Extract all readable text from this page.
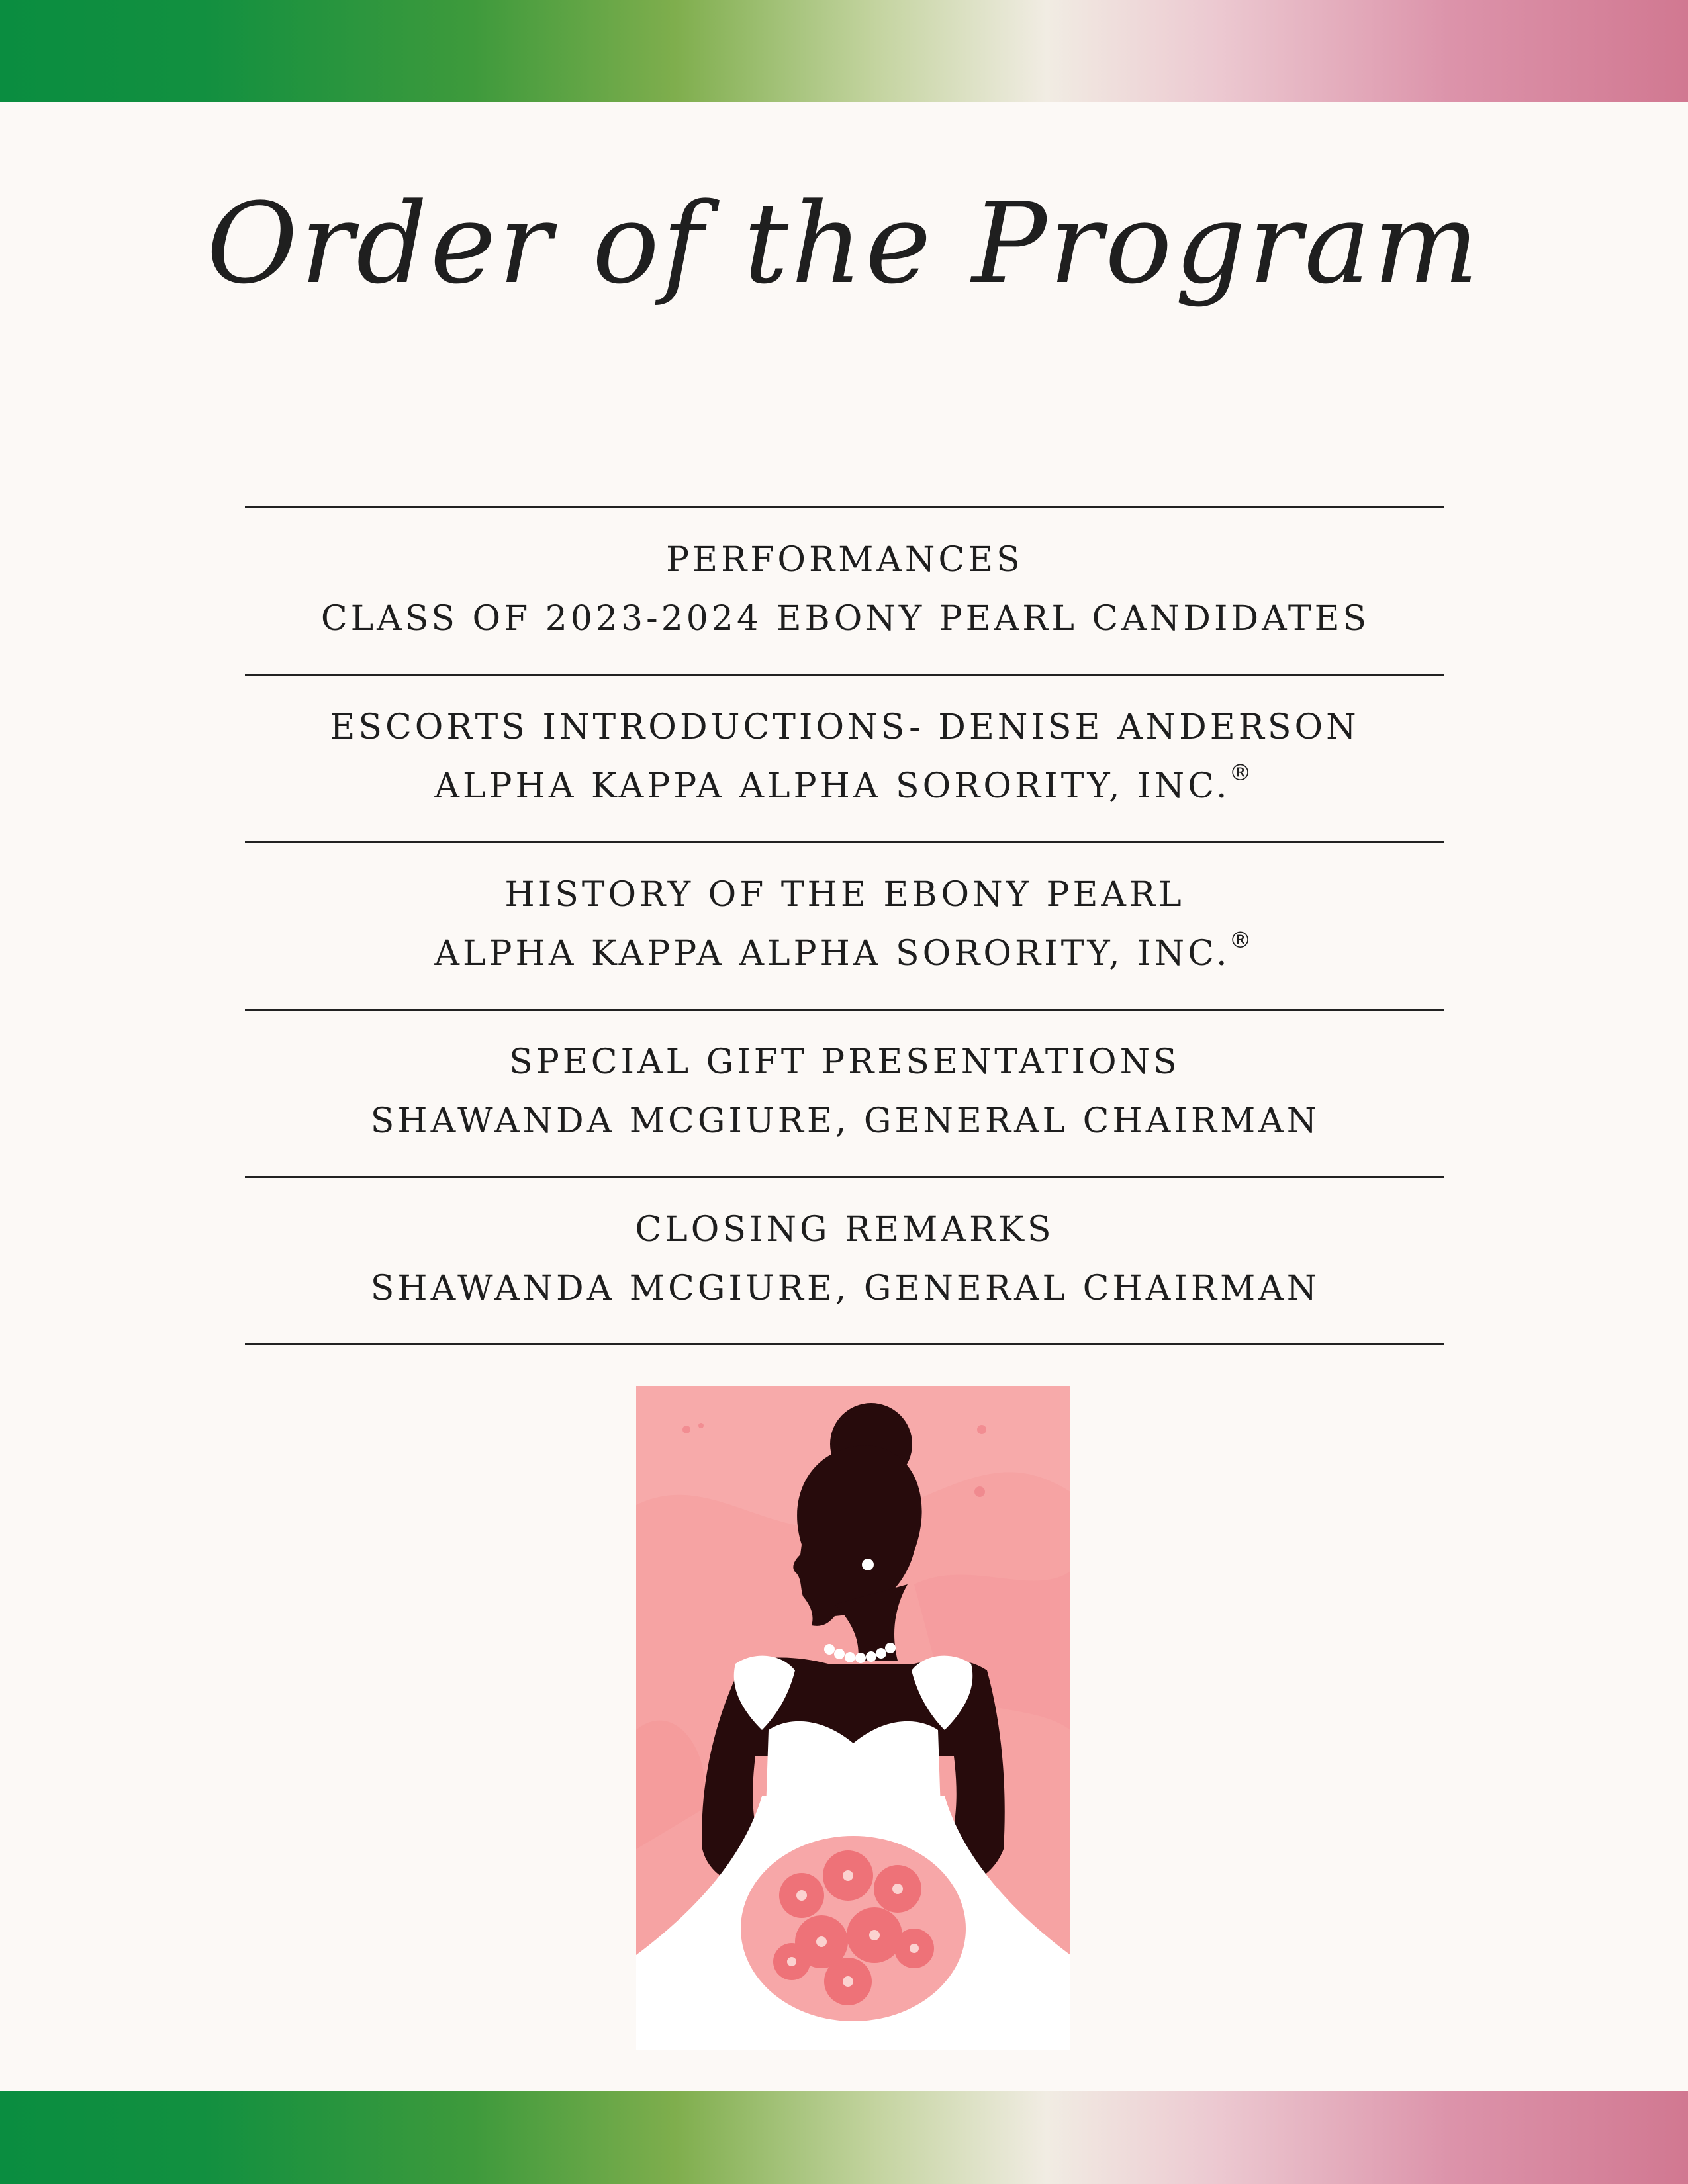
Order of the Program
PERFORMANCES
CLASS OF 2023-2024 EBONY PEARL CANDIDATES
ESCORTS INTRODUCTIONS- DENISE ANDERSON
ALPHA KAPPA ALPHA SORORITY, INC.®
HISTORY OF THE EBONY PEARL
ALPHA KAPPA ALPHA SORORITY, INC.®
SPECIAL GIFT PRESENTATIONS
SHAWANDA MCGIURE, GENERAL CHAIRMAN
CLOSING REMARKS
SHAWANDA MCGIURE, GENERAL CHAIRMAN
